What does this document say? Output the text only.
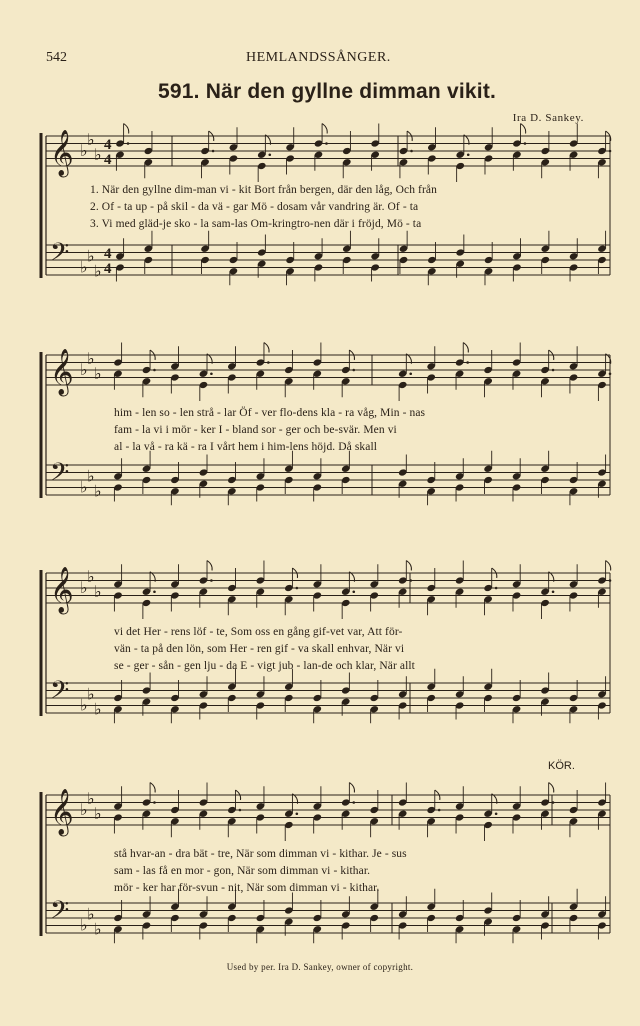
542	HEMLANDSSÅNGER.
591. När den gyllne dimman vikit.
Ira D. Sankey.
KÖR.
𝄞
𝄢
♭
♭
♭
♭
♭
♭
4
4
4
4
𝄞
𝄢
♭
♭
♭
♭
♭
♭
𝄞
𝄢
♭
♭
♭
♭
♭
♭
𝄞
𝄢
♭
♭
♭
♭
♭
♭
1. När den gyllne dim-man vi - kit Bort från bergen, där den låg, Och från
2. Of - ta up - på skil - da vä - gar Mö - dosam vår vandring är. Of - ta
3. Vi med gläd-je sko - la sam-las Om-kringtro-nen där i fröjd, Mö - ta
him - len so - len strå - lar Öf - ver flo-dens kla - ra våg, Min - nas
fam - la vi i mör - ker I - bland sor - ger och be-svär. Men vi
al - la vå - ra kä - ra I vårt hem i him-lens höjd. Då skall
vi det Her - rens löf - te, Som oss en gång gif-vet var, Att för-
vän - ta på den lön, som Her - ren gif - va skall enhvar, När vi
se - ger - sån - gen lju - da E - vigt jub - lan-de och klar, När allt
stå hvar-an - dra bät - tre, När som dimman vi - kithar. Je - sus
sam - las få en mor - gon, När som dimman vi - kithar.
mör - ker har för-svun - nit, När som dimman vi - kithar.
Used by per. Ira D. Sankey, owner of copyright.
